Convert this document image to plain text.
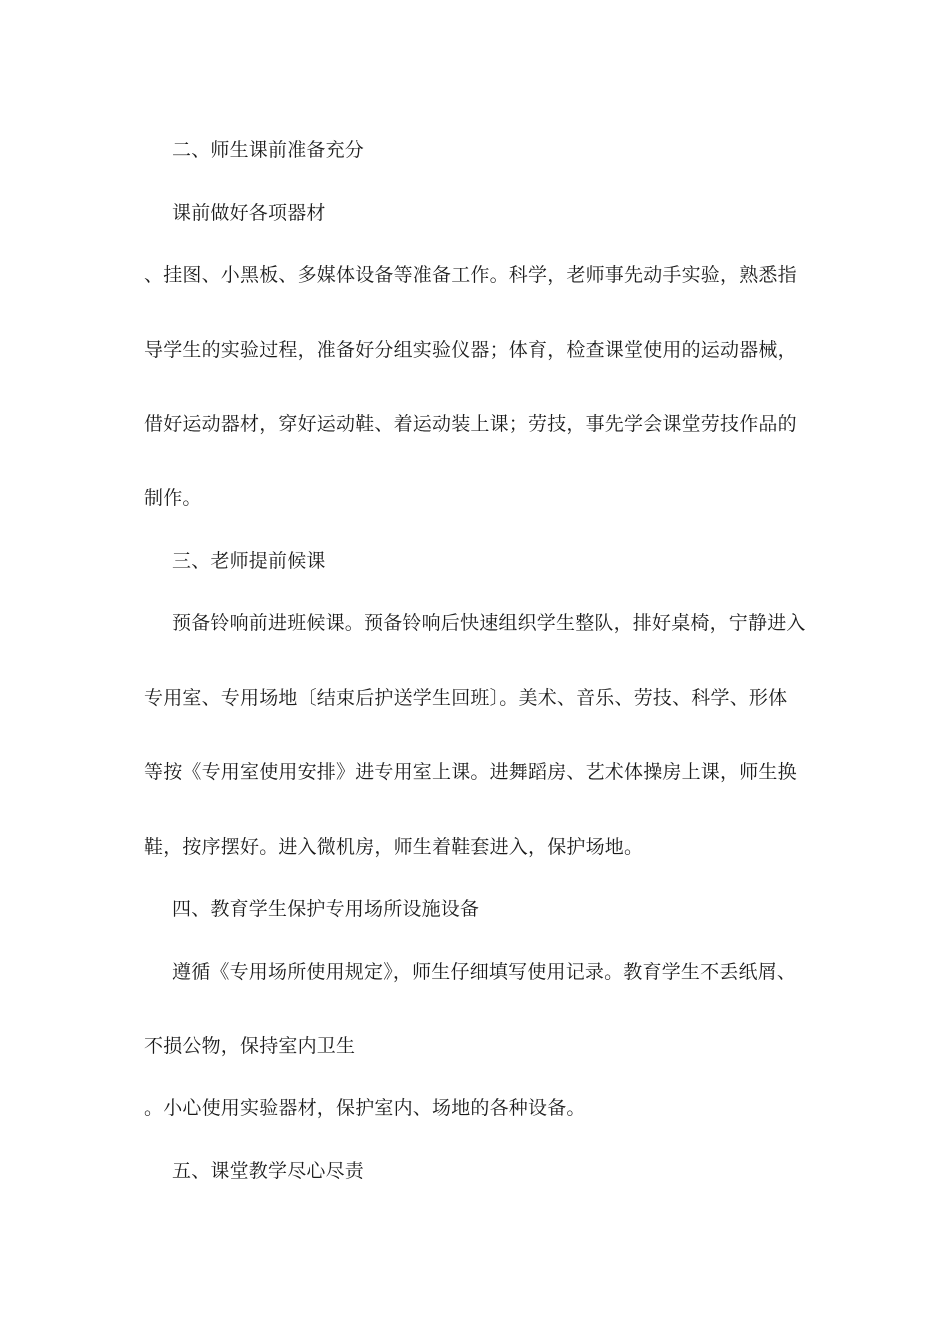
二、师生课前准备充分
课前做好各项器材
、挂图、小黑板、多媒体设备等准备工作。科学，老师事先动手实验，熟悉指
导学生的实验过程，准备好分组实验仪器；体育，检查课堂使用的运动器械，
借好运动器材，穿好运动鞋、着运动装上课；劳技，事先学会课堂劳技作品的
制作。
三、老师提前候课
预备铃响前进班候课。预备铃响后快速组织学生整队，排好桌椅，宁静进入
专用室、专用场地〔结束后护送学生回班〕。美术、音乐、劳技、科学、形体
等按《专用室使用安排》进专用室上课。进舞蹈房、艺术体操房上课，师生换
鞋，按序摆好。进入微机房，师生着鞋套进入，保护场地。
四、教育学生保护专用场所设施设备
遵循《专用场所使用规定》，师生仔细填写使用记录。教育学生不丢纸屑、
不损公物，保持室内卫生
。小心使用实验器材，保护室内、场地的各种设备。
五、课堂教学尽心尽责
